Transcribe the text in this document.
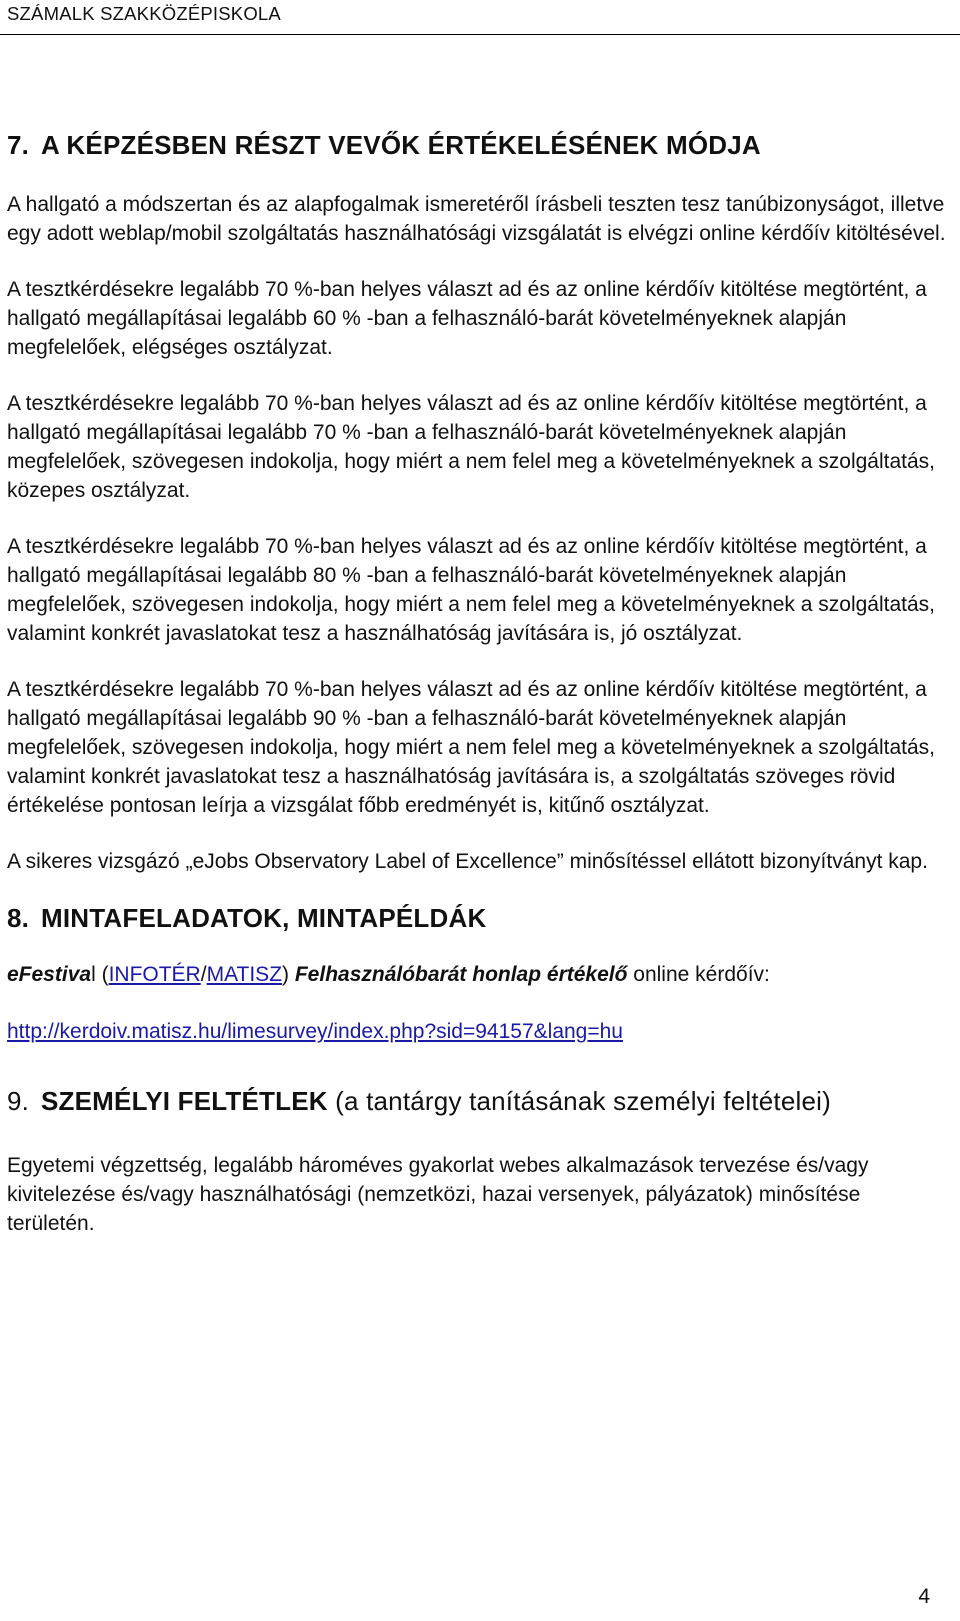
SZÁMALK SZAKKÖZÉPISKOLA
7. A KÉPZÉSBEN RÉSZT VEVŐK ÉRTÉKELÉSÉNEK MÓDJA

A hallgató a módszertan és az alapfogalmak ismeretéről írásbeli teszten tesz tanúbizonyságot, illetve egy adott weblap/mobil szolgáltatás használhatósági vizsgálatát is elvégzi online kérdőív kitöltésével.

A tesztkérdésekre legalább 70 %-ban helyes választ ad és az online kérdőív kitöltése megtörtént, a hallgató megállapításai legalább 60 % -ban a felhasználó-barát követelményeknek alapján megfelelőek, elégséges osztályzat.

A tesztkérdésekre legalább 70 %-ban helyes választ ad és az online kérdőív kitöltése megtörtént, a hallgató megállapításai legalább 70 % -ban a felhasználó-barát követelményeknek alapján megfelelőek, szövegesen indokolja, hogy miért a nem felel meg a követelményeknek a szolgáltatás, közepes osztályzat.

A tesztkérdésekre legalább 70 %-ban helyes választ ad és az online kérdőív kitöltése megtörtént, a hallgató megállapításai legalább 80 % -ban a felhasználó-barát követelményeknek alapján megfelelőek, szövegesen indokolja, hogy miért a nem felel meg a követelményeknek a szolgáltatás, valamint konkrét javaslatokat tesz a használhatóság javítására is, jó osztályzat.

A tesztkérdésekre legalább 70 %-ban helyes választ ad és az online kérdőív kitöltése megtörtént, a hallgató megállapításai legalább 90 % -ban a felhasználó-barát követelményeknek alapján megfelelőek, szövegesen indokolja, hogy miért a nem felel meg a követelményeknek a szolgáltatás, valamint konkrét javaslatokat tesz a használhatóság javítására is, a szolgáltatás szöveges rövid értékelése pontosan leírja a vizsgálat főbb eredményét is, kitűnő osztályzat.

A sikeres vizsgázó „eJobs Observatory Label of Excellence” minősítéssel ellátott bizonyítványt kap.

8. MINTAFELADATOK, MINTAPÉLDÁK

eFestival (INFOTÉR/MATISZ) Felhasználóbarát honlap értékelő online kérdőív:

http://kerdoiv.matisz.hu/limesurvey/index.php?sid=94157&lang=hu

9. SZEMÉLYI FELTÉTLEK (a tantárgy tanításának személyi feltételei)

Egyetemi végzettség, legalább hároméves gyakorlat webes alkalmazások tervezése és/vagy kivitelezése és/vagy használhatósági (nemzetközi, hazai versenyek, pályázatok) minősítése területén.

4
